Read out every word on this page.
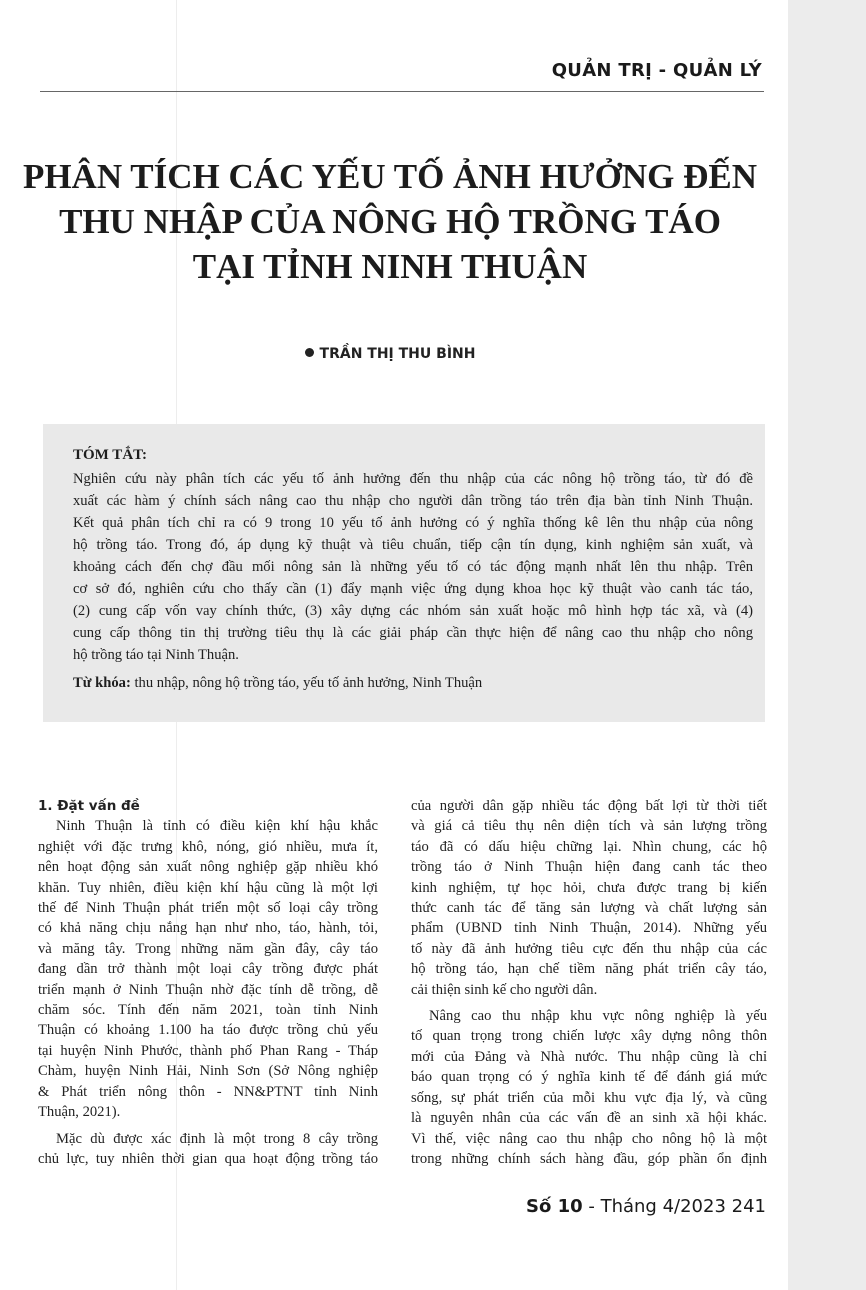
QUẢN TRỊ - QUẢN LÝ
PHÂN TÍCH CÁC YẾU TỐ ẢNH HƯỞNG ĐẾN
THU NHẬP CỦA NÔNG HỘ TRỒNG TÁO
TẠI TỈNH NINH THUẬN
TRẦN THỊ THU BÌNH

TÓM TẮT:

Nghiên cứu này phân tích các yếu tố ảnh hưởng đến thu nhập của các nông hộ trồng táo, từ đó đề
xuất các hàm ý chính sách nâng cao thu nhập cho người dân trồng táo trên địa bàn tỉnh Ninh Thuận.
Kết quả phân tích chỉ ra có 9 trong 10 yếu tố ảnh hưởng có ý nghĩa thống kê lên thu nhập của nông
hộ trồng táo. Trong đó, áp dụng kỹ thuật và tiêu chuẩn, tiếp cận tín dụng, kinh nghiệm sản xuất, và
khoảng cách đến chợ đầu mối nông sản là những yếu tố có tác động mạnh nhất lên thu nhập. Trên
cơ sở đó, nghiên cứu cho thấy cần (1) đẩy mạnh việc ứng dụng khoa học kỹ thuật vào canh tác táo,
(2) cung cấp vốn vay chính thức, (3) xây dựng các nhóm sản xuất hoặc mô hình hợp tác xã, và (4)
cung cấp thông tin thị trường tiêu thụ là các giải pháp cần thực hiện để nâng cao thu nhập cho nông
hộ trồng táo tại Ninh Thuận.

Từ khóa: thu nhập, nông hộ trồng táo, yếu tố ảnh hưởng, Ninh Thuận

1. Đặt vấn đề
Ninh Thuận là tỉnh có điều kiện khí hậu khắc
nghiệt với đặc trưng khô, nóng, gió nhiều, mưa ít,
nên hoạt động sản xuất nông nghiệp gặp nhiều khó
khăn. Tuy nhiên, điều kiện khí hậu cũng là một lợi
thế để Ninh Thuận phát triển một số loại cây trồng
có khả năng chịu nắng hạn như nho, táo, hành, tỏi,
và măng tây. Trong những năm gần đây, cây táo
đang dần trở thành một loại cây trồng được phát
triển mạnh ở Ninh Thuận nhờ đặc tính dễ trồng, dễ
chăm sóc. Tính đến năm 2021, toàn tỉnh Ninh
Thuận có khoảng 1.100 ha táo được trồng chủ yếu
tại huyện Ninh Phước, thành phố Phan Rang - Tháp
Chàm, huyện Ninh Hải, Ninh Sơn (Sở Nông nghiệp
& Phát triển nông thôn - NN&PTNT tỉnh Ninh
Thuận, 2021).
Mặc dù được xác định là một trong 8 cây trồng
chủ lực, tuy nhiên thời gian qua hoạt động trồng táo
của người dân gặp nhiều tác động bất lợi từ thời tiết
và giá cả tiêu thụ nên diện tích và sản lượng trồng
táo đã có dấu hiệu chững lại. Nhìn chung, các hộ
trồng táo ở Ninh Thuận hiện đang canh tác theo
kinh nghiệm, tự học hỏi, chưa được trang bị kiến
thức canh tác để tăng sản lượng và chất lượng sản
phẩm (UBND tỉnh Ninh Thuận, 2014). Những yếu
tố này đã ảnh hưởng tiêu cực đến thu nhập của các
hộ trồng táo, hạn chế tiềm năng phát triển cây táo,
cải thiện sinh kế cho người dân.
Nâng cao thu nhập khu vực nông nghiệp là yếu
tố quan trọng trong chiến lược xây dựng nông thôn
mới của Đảng và Nhà nước. Thu nhập cũng là chỉ
báo quan trọng có ý nghĩa kinh tế để đánh giá mức
sống, sự phát triển của mỗi khu vực địa lý, và cũng
là nguyên nhân của các vấn đề an sinh xã hội khác.
Vì thế, việc nâng cao thu nhập cho nông hộ là một
trong những chính sách hàng đầu, góp phần ổn định
Số 10 - Tháng 4/2023 241
